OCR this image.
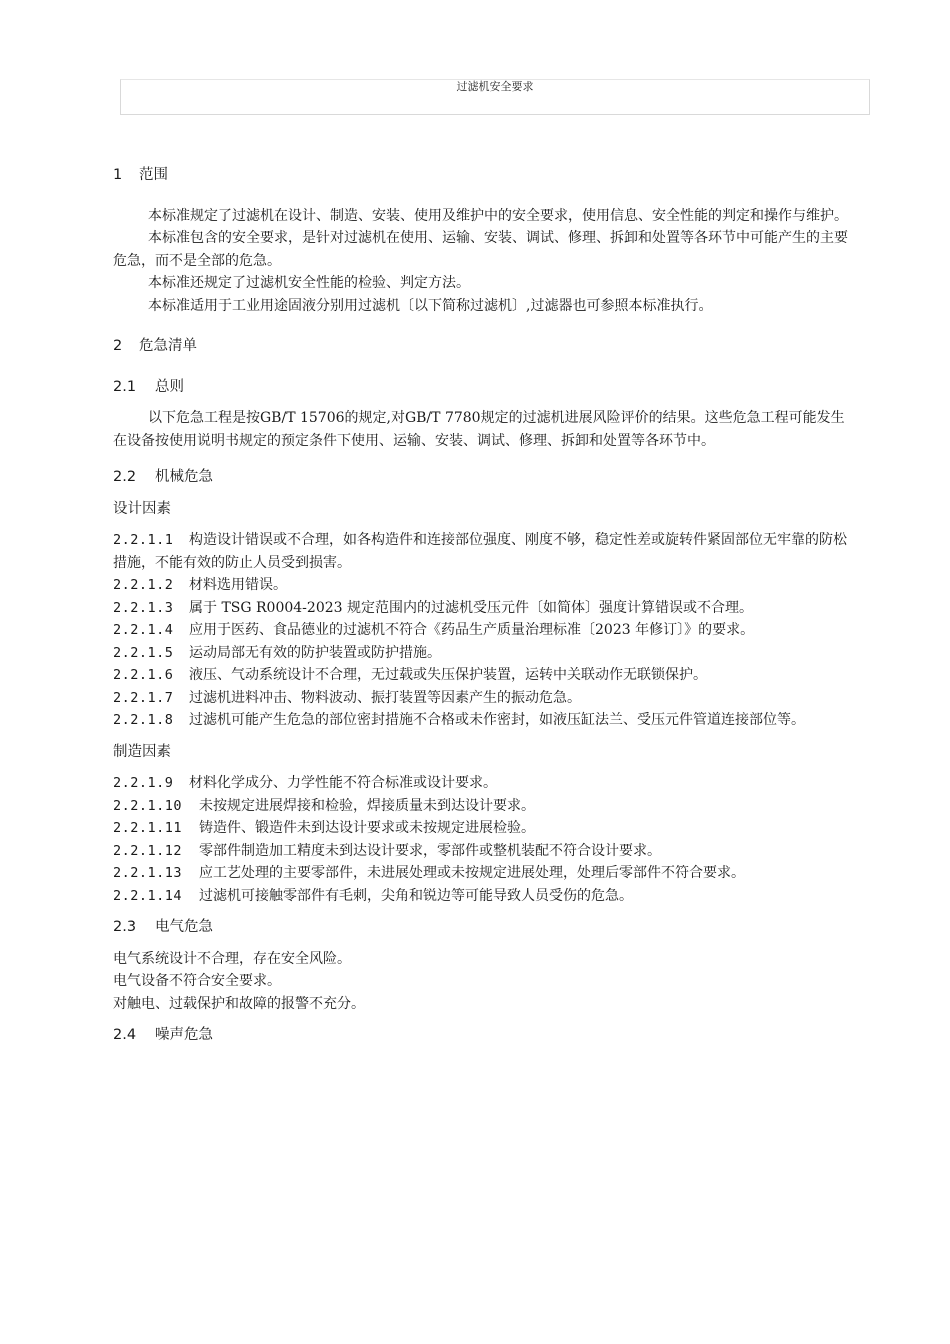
过滤机安全要求
1 范围

本标准规定了过滤机在设计、制造、安装、使用及维护中的安全要求，使用信息、安全性能的判定和操作与维护。

本标准包含的安全要求，是针对过滤机在使用、运输、安装、调试、修理、拆卸和处置等各环节中可能产生的主要危急，而不是全部的危急。

本标准还规定了过滤机安全性能的检验、判定方法。

本标准适用于工业用途固液分别用过滤机〔以下简称过滤机〕,过滤器也可参照本标准执行。

2 危急清单
2.1 总则

以下危急工程是按GB/T 15706的规定,对GB/T 7780规定的过滤机进展风险评价的结果。这些危急工程可能发生在设备按使用说明书规定的预定条件下使用、运输、安装、调试、修理、拆卸和处置等各环节中。

2.2 机械危急
设计因素

2.2.1.1 构造设计错误或不合理，如各构造件和连接部位强度、刚度不够，稳定性差或旋转件紧固部位无牢靠的防松措施，不能有效的防止人员受到损害。

2.2.1.2 材料选用错误。

2.2.1.3 属于 TSG R0004-2023 规定范围内的过滤机受压元件〔如简体〕强度计算错误或不合理。

2.2.1.4 应用于医药、食品德业的过滤机不符合《药品生产质量治理标准〔2023 年修订〕》的要求。

2.2.1.5 运动局部无有效的防护装置或防护措施。

2.2.1.6 液压、气动系统设计不合理，无过载或失压保护装置，运转中关联动作无联锁保护。

2.2.1.7 过滤机进料冲击、物料波动、振打装置等因素产生的振动危急。

2.2.1.8 过滤机可能产生危急的部位密封措施不合格或未作密封，如液压缸法兰、受压元件管道连接部位等。

制造因素

2.2.1.9 材料化学成分、力学性能不符合标准或设计要求。

2.2.1.10 未按规定进展焊接和检验，焊接质量未到达设计要求。

2.2.1.11 铸造件、锻造件未到达设计要求或未按规定进展检验。

2.2.1.12 零部件制造加工精度未到达设计要求，零部件或整机装配不符合设计要求。

2.2.1.13 应工艺处理的主要零部件，未进展处理或未按规定进展处理，处理后零部件不符合要求。

2.2.1.14 过滤机可接触零部件有毛刺，尖角和锐边等可能导致人员受伤的危急。

2.3 电气危急

电气系统设计不合理，存在安全风险。

电气设备不符合安全要求。

对触电、过载保护和故障的报警不充分。

2.4 噪声危急
